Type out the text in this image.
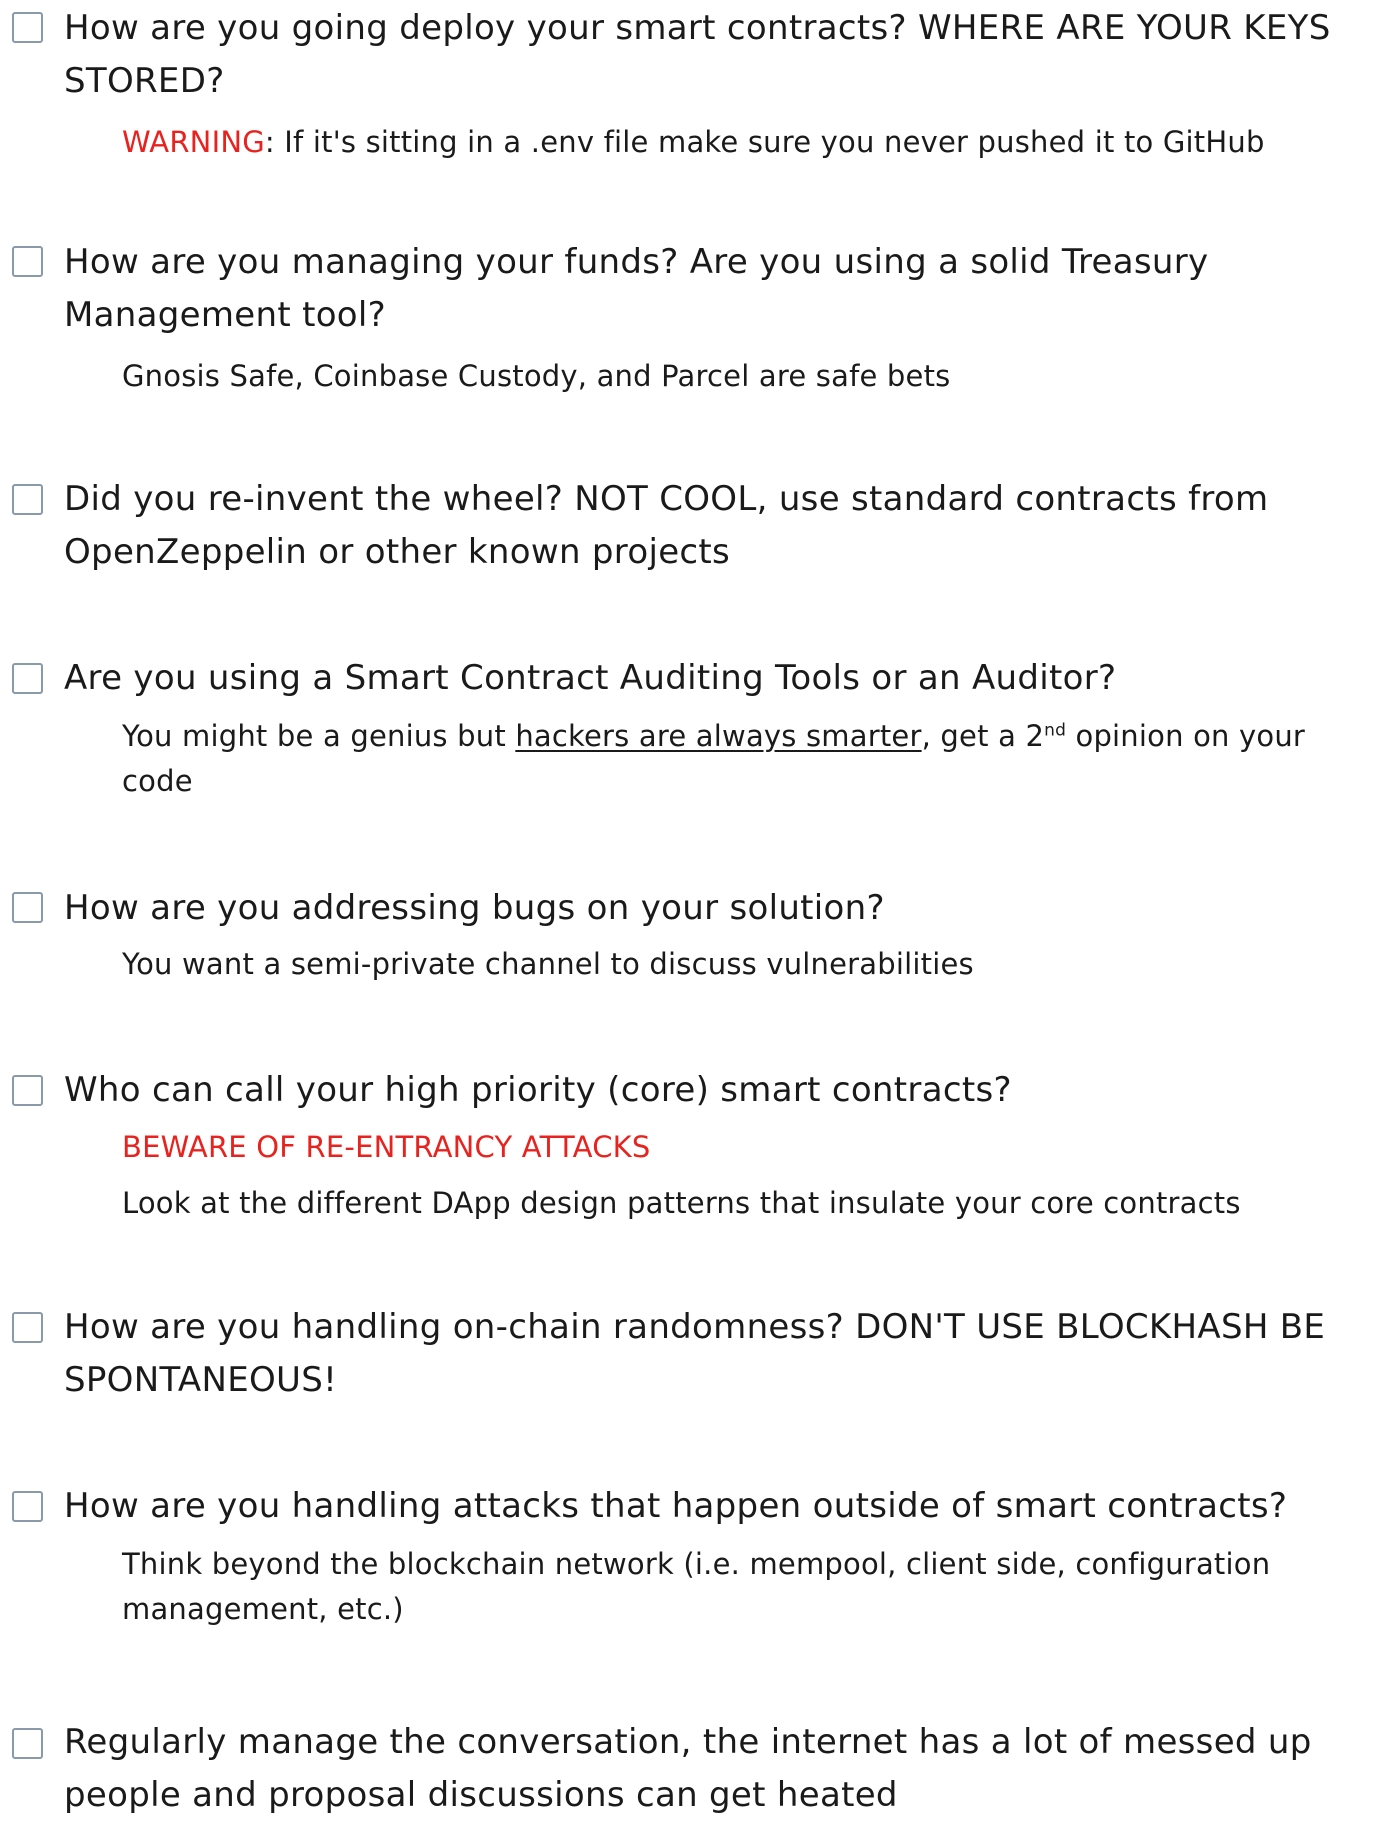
How are you going deploy your smart contracts? WHERE ARE YOUR KEYS STORED?

WARNING: If it's sitting in a .env file make sure you never pushed it to GitHub

How are you managing your funds? Are you using a solid Treasury Management tool?

Gnosis Safe, Coinbase Custody, and Parcel are safe bets

Did you re-invent the wheel? NOT COOL, use standard contracts from OpenZeppelin or other known projects

Are you using a Smart Contract Auditing Tools or an Auditor?

You might be a genius but hackers are always smarter, get a 2nd opinion on your code

How are you addressing bugs on your solution?

You want a semi-private channel to discuss vulnerabilities

Who can call your high priority (core) smart contracts?

BEWARE OF RE-ENTRANCY ATTACKS

Look at the different DApp design patterns that insulate your core contracts

How are you handling on-chain randomness? DON'T USE BLOCKHASH BE SPONTANEOUS!

How are you handling attacks that happen outside of smart contracts?

Think beyond the blockchain network (i.e. mempool, client side, configuration management, etc.)

Regularly manage the conversation, the internet has a lot of messed up people and proposal discussions can get heated
